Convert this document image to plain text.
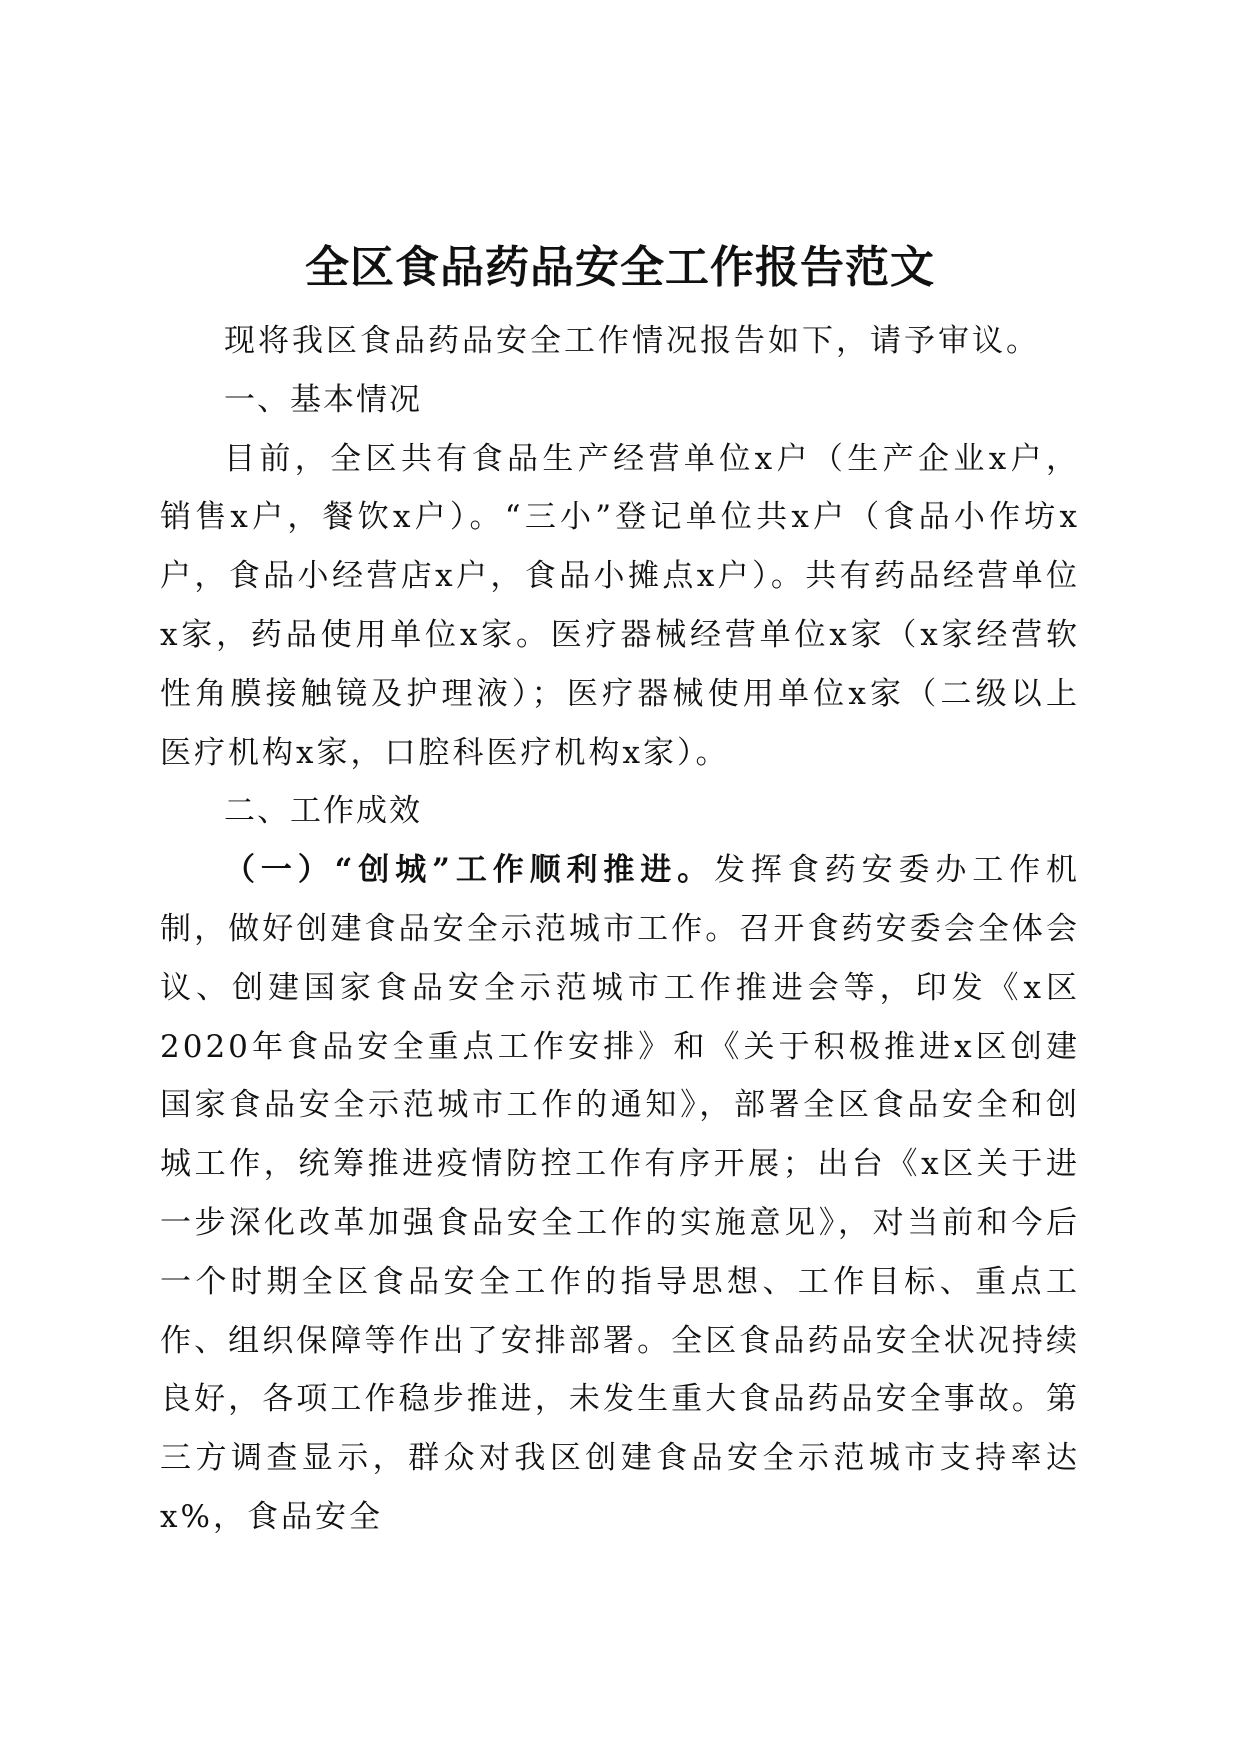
全区食品药品安全工作报告范文

现将我区食品药品安全工作情况报告如下，请予审议。

一、基本情况

目前，全区共有食品生产经营单位x户（生产企业x户，销售x户，餐饮x户）。“三小”登记单位共x户（食品小作坊x户，食品小经营店x户，食品小摊点x户）。共有药品经营单位x家，药品使用单位x家。医疗器械经营单位x家（x家经营软性角膜接触镜及护理液）；医疗器械使用单位x家（二级以上医疗机构x家，口腔科医疗机构x家）。

二、工作成效

（一）“创城”工作顺利推进。发挥食药安委办工作机制，做好创建食品安全示范城市工作。召开食药安委会全体会议、创建国家食品安全示范城市工作推进会等，印发《x区2020年食品安全重点工作安排》和《关于积极推进x区创建国家食品安全示范城市工作的通知》，部署全区食品安全和创城工作，统筹推进疫情防控工作有序开展；出台《x区关于进一步深化改革加强食品安全工作的实施意见》，对当前和今后一个时期全区食品安全工作的指导思想、工作目标、重点工作、组织保障等作出了安排部署。全区食品药品安全状况持续良好，各项工作稳步推进，未发生重大食品药品安全事故。第三方调查显示，群众对我区创建食品安全示范城市支持率达x%，食品安全
